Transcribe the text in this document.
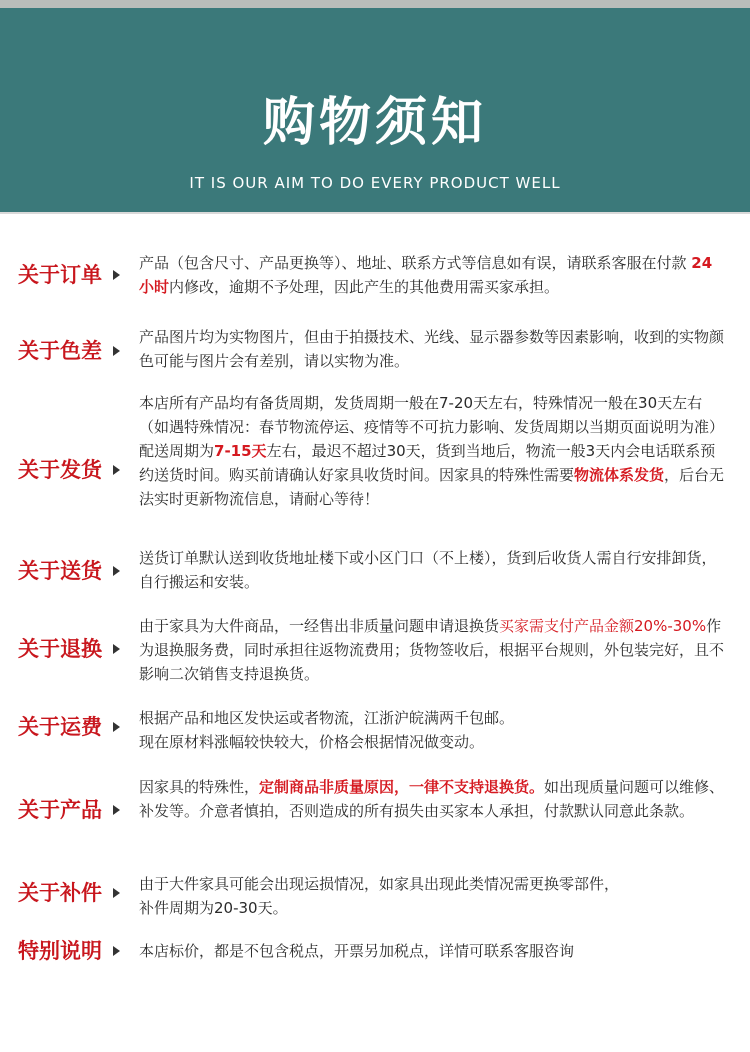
购物须知
IT IS OUR AIM TO DO EVERY PRODUCT WELL
关于订单 产品（包含尺寸、产品更换等）、地址、联系方式等信息如有误，请联系客服在付款 24 小时内修改，逾期不予处理，因此产生的其他费用需买家承担。
关于色差
产品图片均为实物图片，但由于拍摄技术、光线、显示器参数等因素影响，收到的实物颜色可能与图片会有差别，请以实物为准。
关于发货
本店所有产品均有备货周期，发货周期一般在7-20天左右，特殊情况一般在30天左右（如遇特殊情况：春节物流停运、疫情等不可抗力影响、发货周期以当期页面说明为准）配送周期为7-15天左右，最迟不超过30天，货到当地后，物流一般3天内会电话联系预约送货时间。购买前请确认好家具收货时间。因家具的特殊性需要物流体系发货，后台无法实时更新物流信息，请耐心等待！
关于送货
送货订单默认送到收货地址楼下或小区门口（不上楼），货到后收货人需自行安排卸货，自行搬运和安装。
关于退换
由于家具为大件商品，一经售出非质量问题申请退换货买家需支付产品金额20%-30%作为退换服务费，同时承担往返物流费用；货物签收后，根据平台规则，外包装完好，且不影响二次销售支持退换货。
关于运费 根据产品和地区发快运或者物流，江浙沪皖满两千包邮。
现在原材料涨幅较快较大，价格会根据情况做变动。
关于产品
因家具的特殊性，定制商品非质量原因，一律不支持退换货。如出现质量问题可以维修、补发等。介意者慎拍，否则造成的所有损失由买家本人承担，付款默认同意此条款。
关于补件 由于大件家具可能会出现运损情况，如家具出现此类情况需更换零部件，
补件周期为20-30天。
特别说明 本店标价，都是不包含税点，开票另加税点，详情可联系客服咨询
